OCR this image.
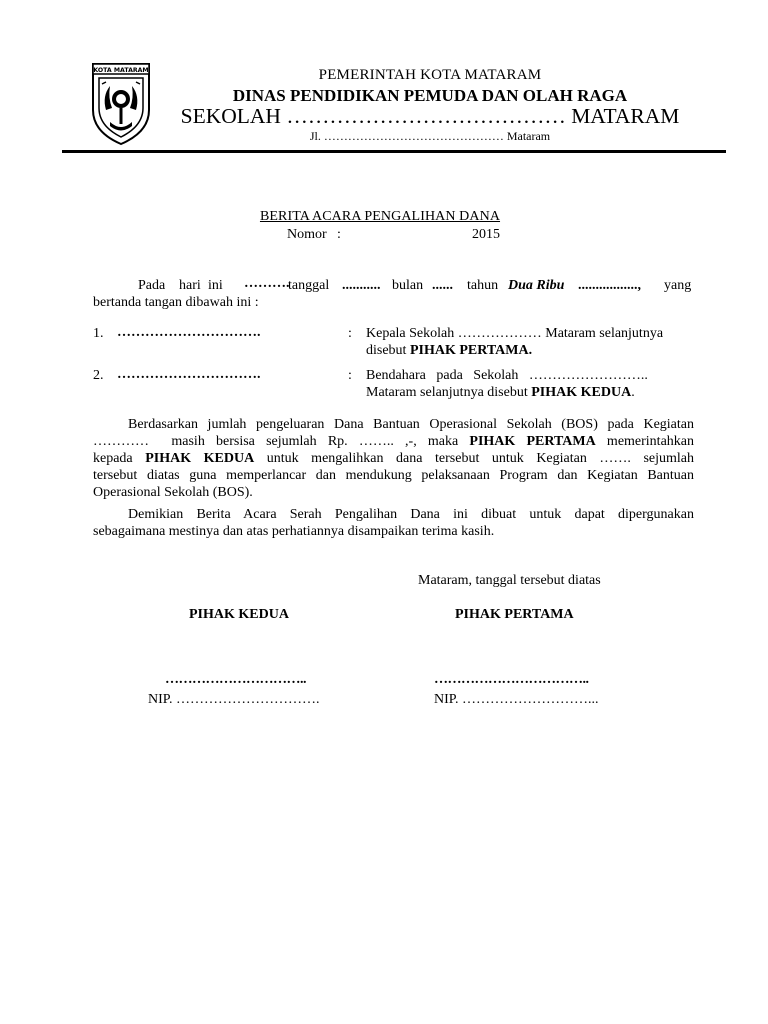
KOTA MATARAM	PEMERINTAH KOTA MATARAM
DINAS PENDIDIKAN PEMUDA DAN OLAH RAGA
SEKOLAH ………………………………… MATARAM
Jl. ……………………………………… Mataram
BERITA ACARA PENGALIHAN DANA
Nomor :	2015
Pada hari ini ……….
tanggal ........... bulan ...... tahun Dua Ribu ................., yang
bertanda tangan dibawah ini :
1. ………………………….	: Kepala Sekolah ……………… Mataram selanjutnya
disebut PIHAK PERTAMA.
2. ………………………….	: Bendahara   pada   Sekolah   ……………………..
Mataram selanjutnya disebut PIHAK KEDUA.
Berdasarkan jumlah pengeluaran Dana Bantuan Operasional Sekolah (BOS) pada Kegiatan
…………  masih bersisa sejumlah Rp. …….. ,-, maka PIHAK PERTAMA memerintahkan
kepada PIHAK KEDUA untuk mengalihkan dana tersebut untuk Kegiatan ……. sejumlah
tersebut diatas guna memperlancar dan mendukung pelaksanaan Program dan Kegiatan Bantuan
Operasional Sekolah (BOS).
Demikian Berita Acara Serah Pengalihan Dana ini dibuat untuk dapat dipergunakan
sebagaimana mestinya dan atas perhatiannya disampaikan terima kasih.
Mataram, tanggal tersebut diatas
PIHAK KEDUA	PIHAK PERTAMA
…………………………..	……………………………..
NIP. ………………………….	NIP. ………………………...
